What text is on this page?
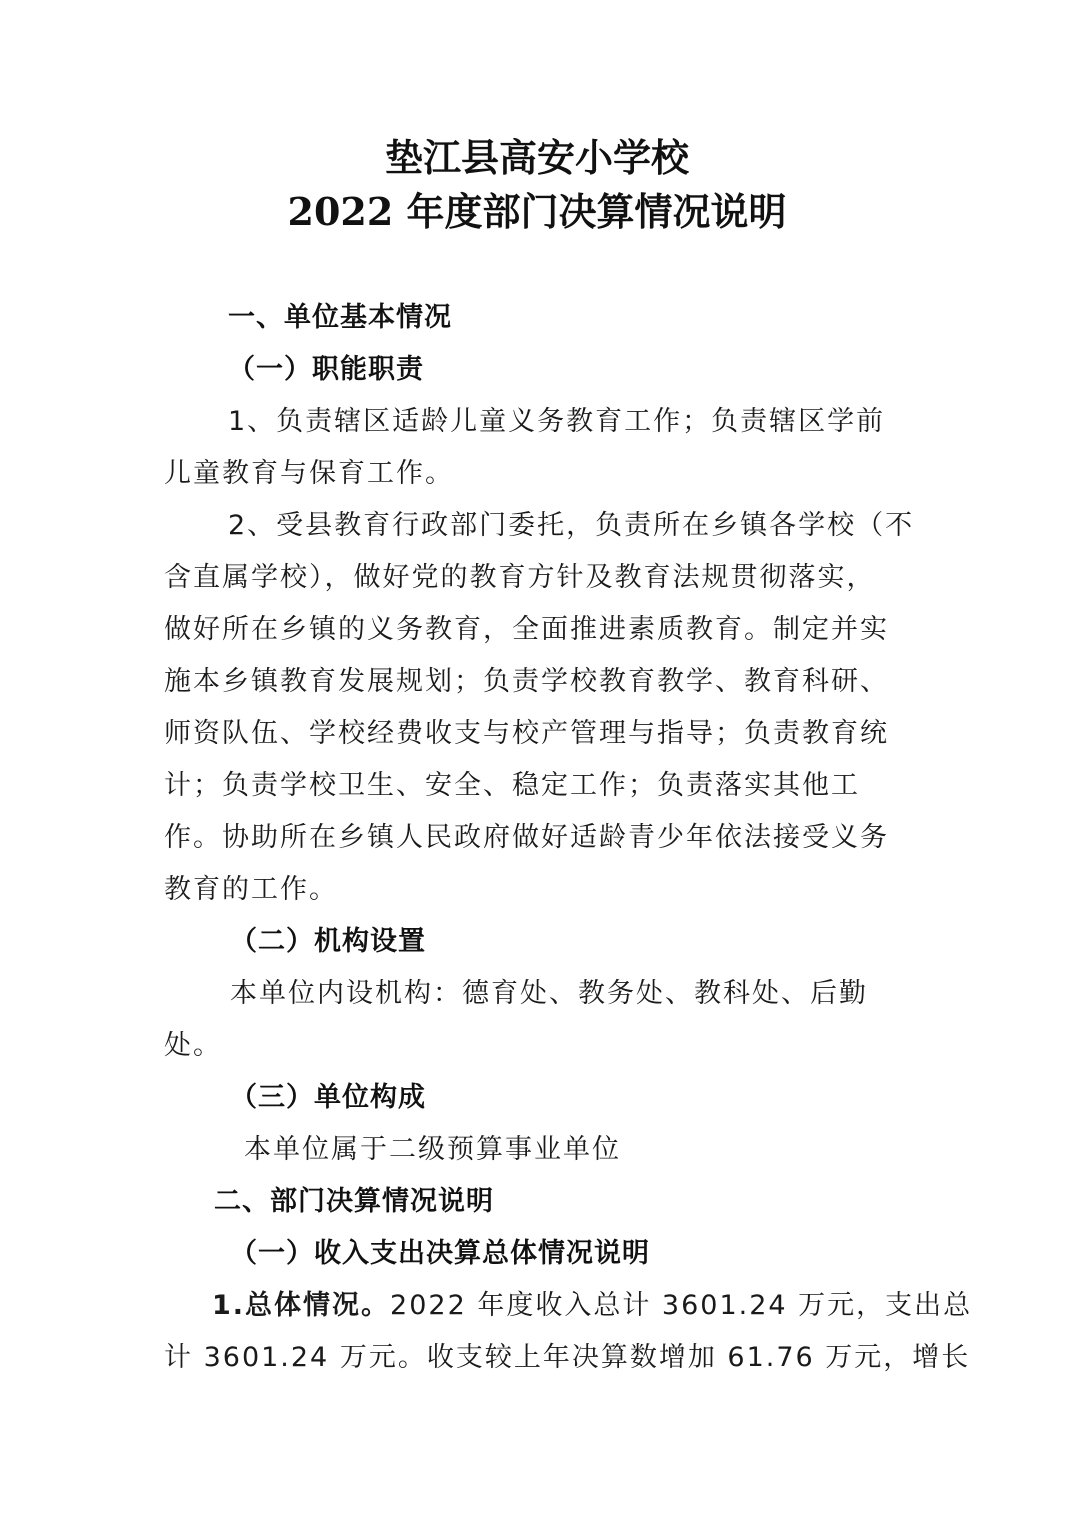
垫江县高安小学校
2022 年度部门决算情况说明
一、单位基本情况
（一）职能职责
1、负责辖区适龄儿童义务教育工作；负责辖区学前
儿童教育与保育工作。
2、受县教育行政部门委托，负责所在乡镇各学校（不
含直属学校），做好党的教育方针及教育法规贯彻落实，
做好所在乡镇的义务教育，全面推进素质教育。制定并实
施本乡镇教育发展规划；负责学校教育教学、教育科研、
师资队伍、学校经费收支与校产管理与指导；负责教育统
计；负责学校卫生、安全、稳定工作；负责落实其他工
作。协助所在乡镇人民政府做好适龄青少年依法接受义务
教育的工作。
（二）机构设置
本单位内设机构：德育处、教务处、教科处、后勤
处。
（三）单位构成
本单位属于二级预算事业单位
二、部门决算情况说明
（一）收入支出决算总体情况说明
1.总体情况。2022 年度收入总计 3601.24 万元，支出总
计 3601.24 万元。收支较上年决算数增加 61.76 万元，增长
